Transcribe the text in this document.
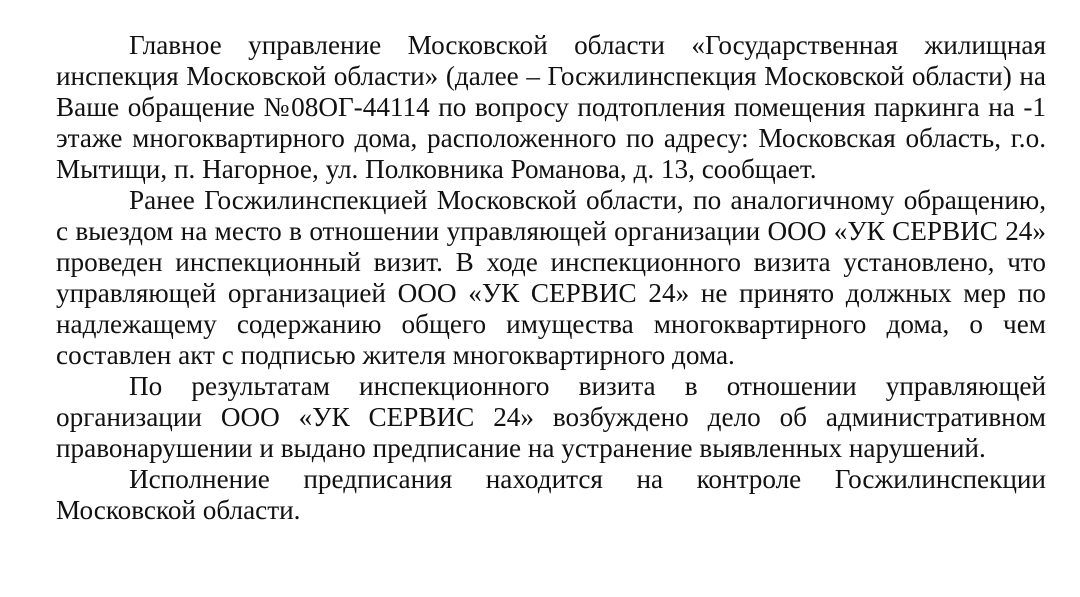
Главное управление Московской области «Государственная жилищная инспекция Московской области» (далее – Госжилинспекция Московской области) на Ваше обращение №08ОГ-44114 по вопросу подтопления помещения паркинга на -1 этаже многоквартирного дома, расположенного по адресу: Московская область, г.о. Мытищи, п. Нагорное, ул. Полковника Романова, д. 13, сообщает.

Ранее Госжилинспекцией Московской области, по аналогичному обращению, с выездом на место в отношении управляющей организации ООО «УК СЕРВИС 24» проведен инспекционный визит. В ходе инспекционного визита установлено, что управляющей организацией ООО «УК СЕРВИС 24» не принято должных мер по надлежащему содержанию общего имущества многоквартирного дома, о чем составлен акт с подписью жителя многоквартирного дома.

По результатам инспекционного визита в отношении управляющей организации ООО «УК СЕРВИС 24» возбуждено дело об административном правонарушении и выдано предписание на устранение выявленных нарушений.

Исполнение предписания находится на контроле Госжилинспекции Московской области.
